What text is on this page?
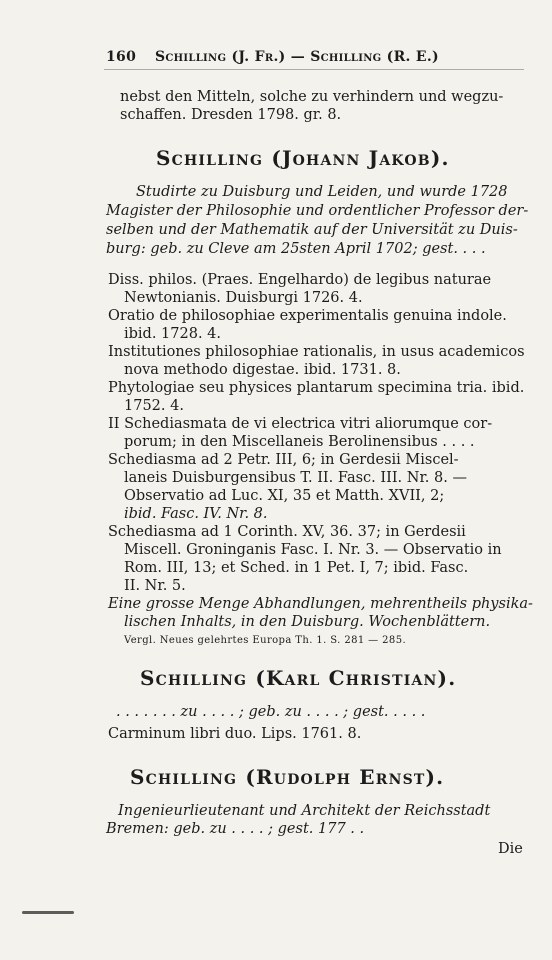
160 Schilling (J. Fr.) — Schilling (R. E.)
nebst den Mitteln, solche zu verhindern und wegzu-
schaffen. Dresden 1798. gr. 8.
Schilling (Johann Jakob).
Studirte zu Duisburg und Leiden, und wurde 1728
Magister der Philosophie und ordentlicher Professor der-
selben und der Mathematik auf der Universität zu Duis-
burg: geb. zu Cleve am 25sten April 1702; gest. . . .
Diss. philos. (Praes. Engelhardo) de legibus naturae
Newtonianis. Duisburgi 1726. 4.
Oratio de philosophiae experimentalis genuina indole.
ibid. 1728. 4.
Institutiones philosophiae rationalis, in usus academicos
nova methodo digestae. ibid. 1731. 8.
Phytologiae seu physices plantarum specimina tria. ibid.
1752. 4.
II Schediasmata de vi electrica vitri aliorumque cor-
porum; in den Miscellaneis Berolinensibus . . . .
Schediasma ad 2 Petr. III, 6; in Gerdesii Miscel-
laneis Duisburgensibus T. II. Fasc. III. Nr. 8. —
Observatio ad Luc. XI, 35 et Matth. XVII, 2;
ibid. Fasc. IV. Nr. 8.
Schediasma ad 1 Corinth. XV, 36. 37; in Gerdesii
Miscell. Groninganis Fasc. I. Nr. 3. — Observatio in
Rom. III, 13; et Sched. in 1 Pet. I, 7; ibid. Fasc.
II. Nr. 5.
Eine grosse Menge Abhandlungen, mehrentheils physika-
lischen Inhalts, in den Duisburg. Wochenblättern.
Vergl. Neues gelehrtes Europa Th. 1. S. 281 — 285.
Schilling (Karl Christian).
. . . . . . . zu . . . . ; geb. zu . . . . ; gest. . . . .
Carminum libri duo. Lips. 1761. 8.
Schilling (Rudolph Ernst).
Ingenieurlieutenant und Architekt der Reichsstadt
Bremen: geb. zu . . . . ; gest. 177 . .
Die
